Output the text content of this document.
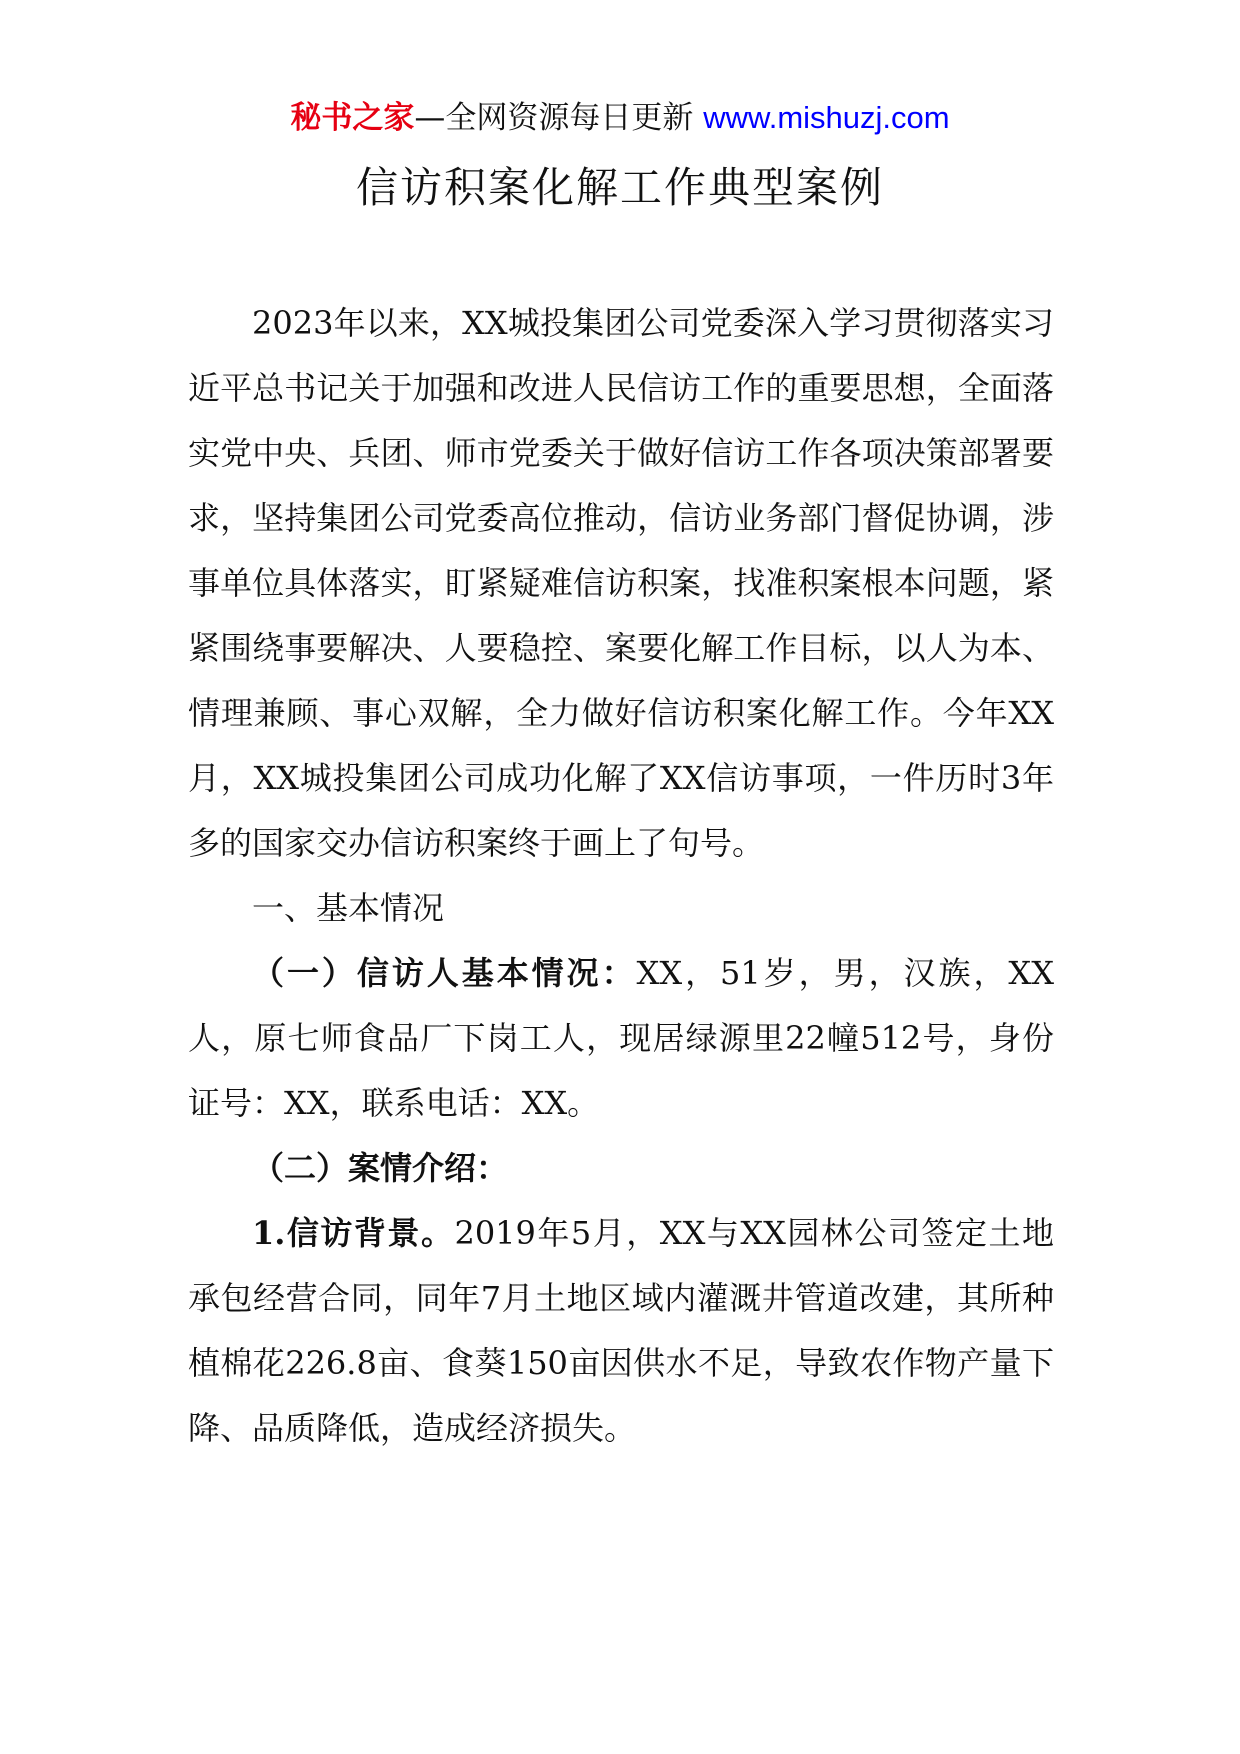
秘书之家—全网资源每日更新 www.mishuzj.com
信访积案化解工作典型案例

2023年以来，XX城投集团公司党委深入学习贯彻落实习近平总书记关于加强和改进人民信访工作的重要思想，全面落实党中央、兵团、师市党委关于做好信访工作各项决策部署要求，坚持集团公司党委高位推动，信访业务部门督促协调，涉事单位具体落实，盯紧疑难信访积案，找准积案根本问题，紧紧围绕事要解决、人要稳控、案要化解工作目标，以人为本、情理兼顾、事心双解，全力做好信访积案化解工作。今年XX月，XX城投集团公司成功化解了XX信访事项，一件历时3年多的国家交办信访积案终于画上了句号。

一、基本情况

（一）信访人基本情况：XX，51岁，男，汉族，XX人，原七师食品厂下岗工人，现居绿源里22幢512号，身份证号：XX，联系电话：XX。

（二）案情介绍：

1.信访背景。2019年5月，XX与XX园林公司签定土地承包经营合同，同年7月土地区域内灌溉井管道改建，其所种植棉花226.8亩、食葵150亩因供水不足，导致农作物产量下降、品质降低，造成经济损失。
